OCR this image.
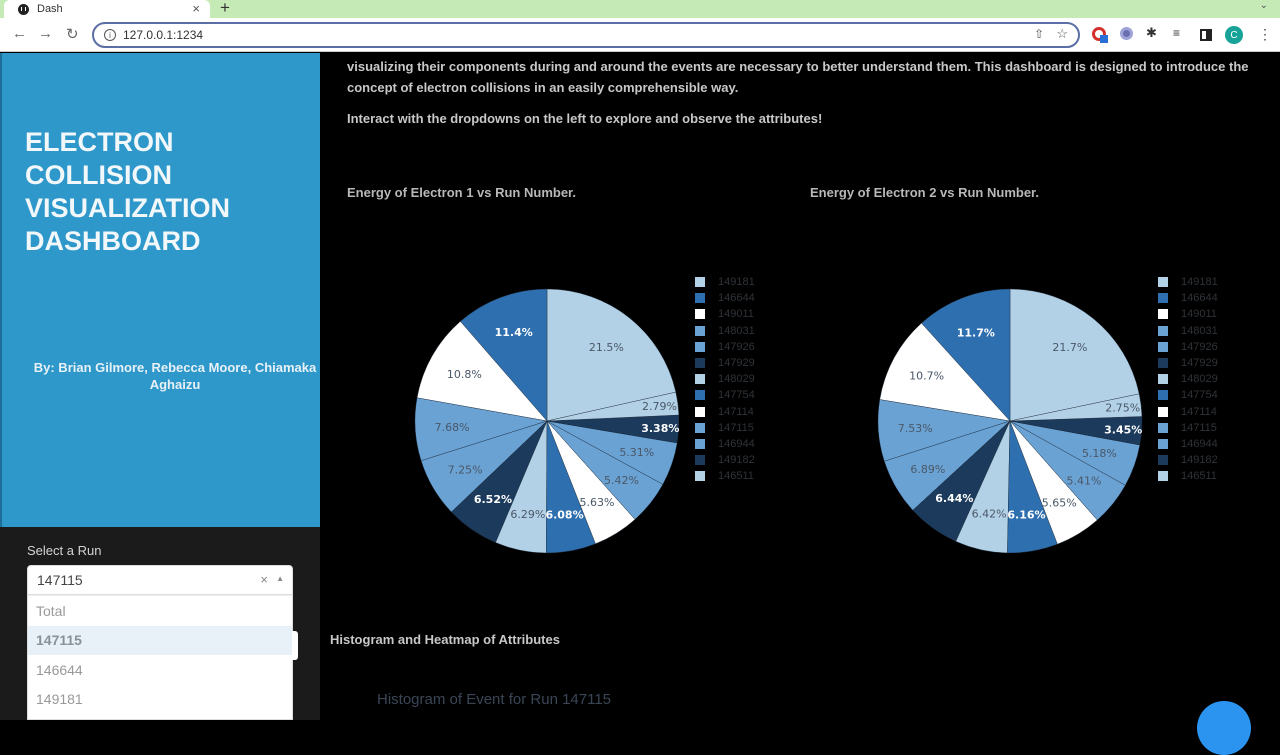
Dash	× +	⌄
← → ↻	i	127.0.0.1:1234	⇧ ☆	✱ ≡	C	⋮
ELECTRON COLLISION
VISUALIZATION
DASHBOARD
By: Brian Gilmore, Rebecca Moore, Chiamaka Aghaizu
Select a Run
147115	× ▲
Total
147115
146644
149181
visualizing their components during and around the events are necessary to better understand them. This dashboard is designed to introduce the concept of electron collisions in an easily comprehensible way.
Interact with the dropdowns on the left to explore and observe the attributes!
Energy of Electron 1 vs Run Number.	Energy of Electron 2 vs Run Number.
21.5%
11.4%
10.8%
7.68%
7.25%
6.52%
6.29% 6.08%
5.63%
5.42%
5.31%
3.38%
2.79%
149181
146644
149011
148031
147926
147929
148029
147754
147114
147115
146944
149182
146511
21.7%
11.7%
10.7%
7.53%
6.89%
6.44%
6.42% 6.16%
5.65%
5.41%
5.18%
3.45%
2.75%
149181
146644
149011
148031
147926
147929
148029
147754
147114
147115
146944
149182
146511
Histogram and Heatmap of Attributes
Histogram of Event for Run 147115
